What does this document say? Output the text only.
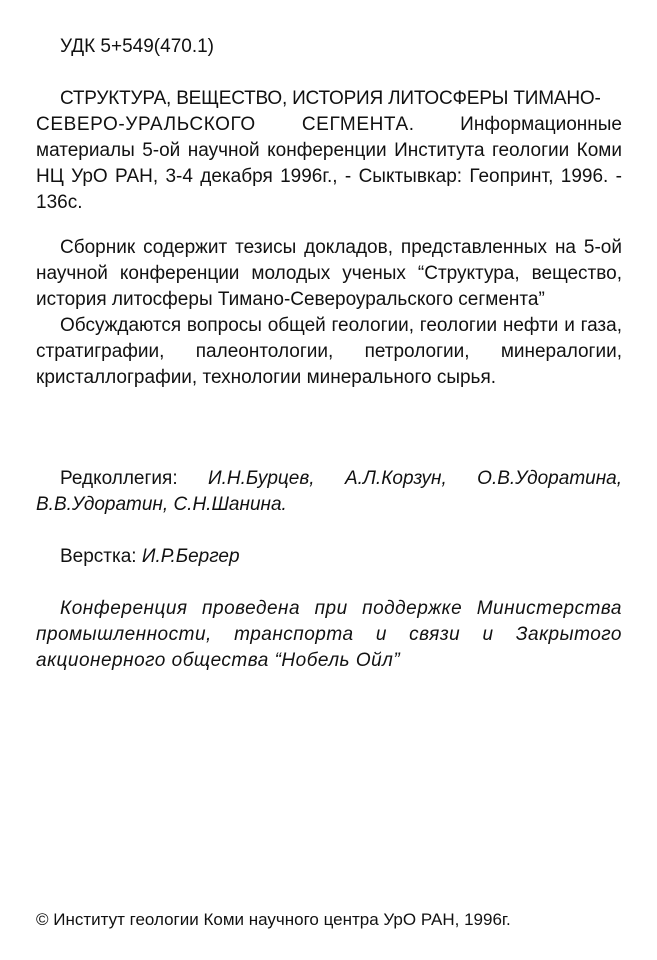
УДК 5+549(470.1)
СТРУКТУРА, ВЕЩЕСТВО, ИСТОРИЯ ЛИТОСФЕРЫ ТИМАНО-
СЕВЕРО-УРАЛЬСКОГО СЕГМЕНТА. Информационные материалы 5-ой научной конференции Института геологии Коми НЦ УрО РАН, 3-4 декабря 1996г., - Сыктывкар: Геопринт, 1996. - 136с.

Сборник содержит тезисы докладов, представленных на 5-ой научной конференции молодых ученых “Структура, вещество, история литосферы Тимано-Североуральского сегмента”

Обсуждаются вопросы общей геологии, геологии нефти и газа, стратиграфии, палеонтологии, петрологии, минералогии, кристаллографии, технологии минерального сырья.

Редколлегия: И.Н.Бурцев, А.Л.Корзун, О.В.Удоратина, В.В.Удоратин, С.Н.Шанина.
Верстка: И.Р.Бергер
Конференция проведена при поддержке Министерства промышленности, транспорта и связи и Закрытого акционерного общества “Нобель Ойл”
© Институт геологии Коми научного центра УрО РАН, 1996г.
